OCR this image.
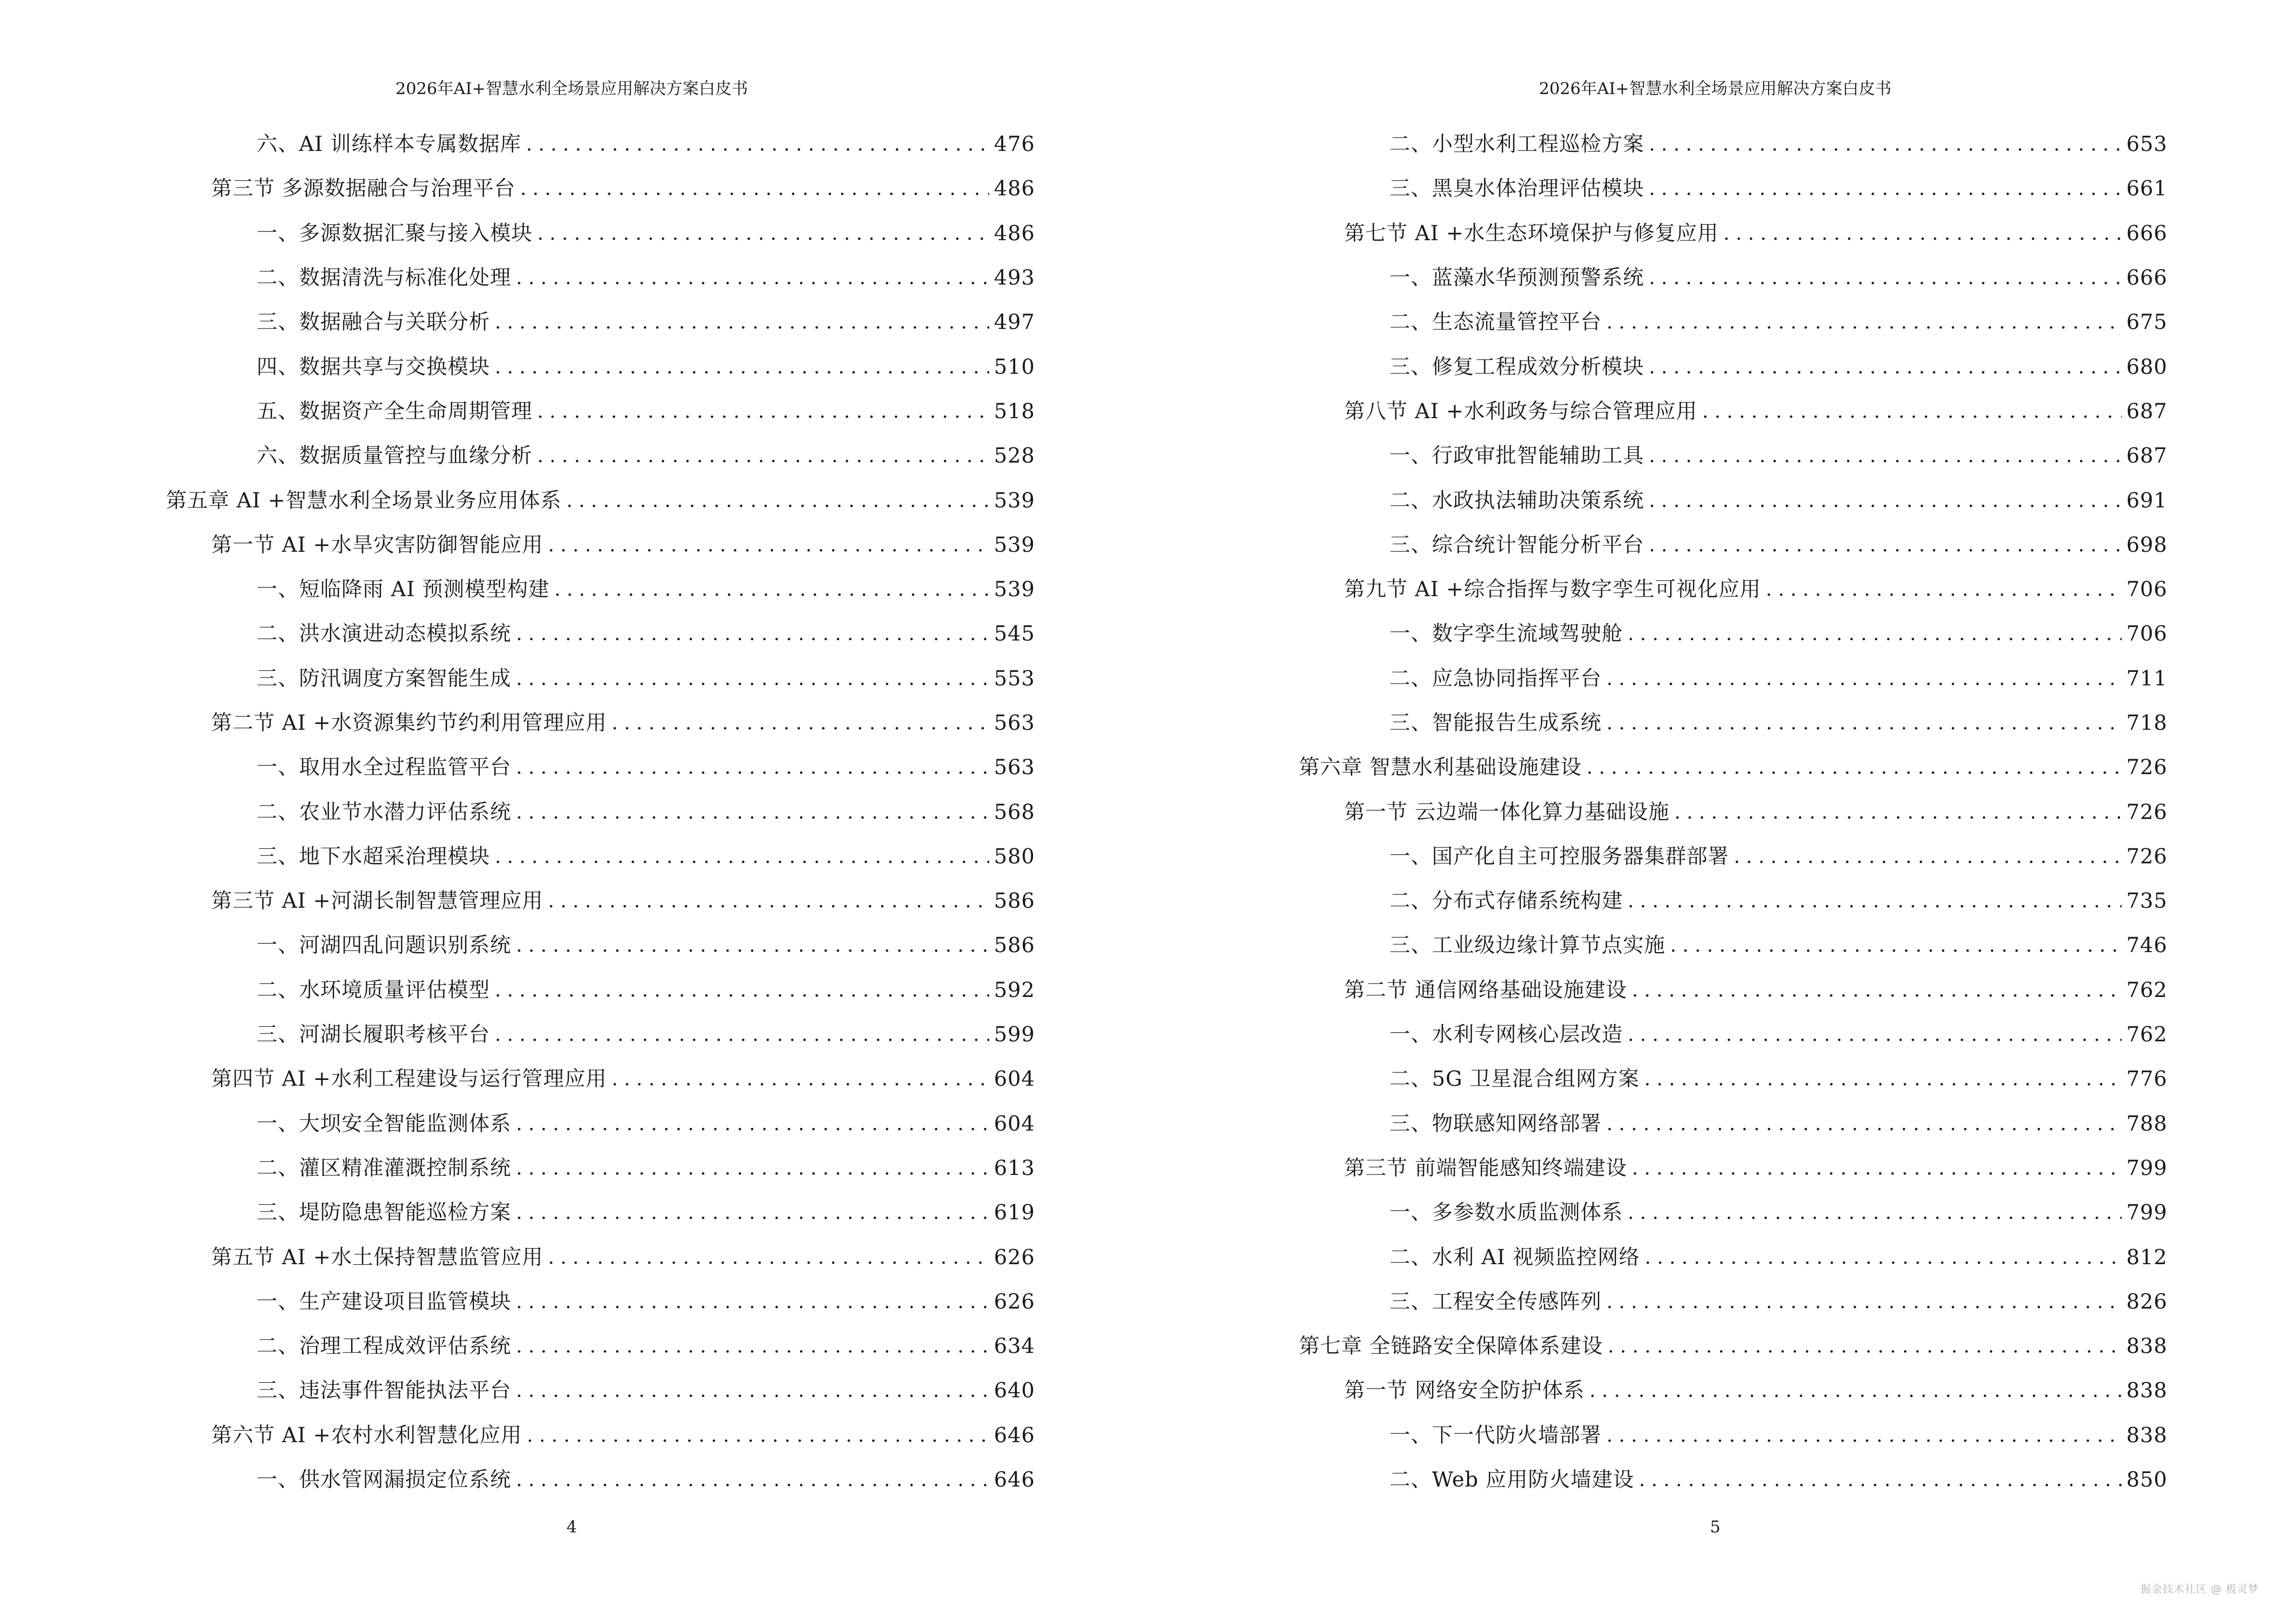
2026年AI+智慧水利全场景应用解决方案白皮书
六、AI 训练样本专属数据库 . . .	476
第三节 多源数据融合与治理平台 . . .	486
一、多源数据汇聚与接入模块 . . .	486
二、数据清洗与标准化处理 . . .	493
三、数据融合与关联分析 . . .	497
四、数据共享与交换模块 . . .	510
五、数据资产全生命周期管理 . . .	518
六、数据质量管控与血缘分析 . . .	528
第五章 AI +智慧水利全场景业务应用体系 . . .	539
第一节 AI +水旱灾害防御智能应用 . . .	539
一、短临降雨 AI 预测模型构建 . . .	539
二、洪水演进动态模拟系统 . . .	545
三、防汛调度方案智能生成 . . .	553
第二节 AI +水资源集约节约利用管理应用 . . .	563
一、取用水全过程监管平台 . . .	563
二、农业节水潜力评估系统 . . .	568
三、地下水超采治理模块 . . .	580
第三节 AI +河湖长制智慧管理应用 . . .	586
一、河湖四乱问题识别系统 . . .	586
二、水环境质量评估模型 . . .	592
三、河湖长履职考核平台 . . .	599
第四节 AI +水利工程建设与运行管理应用 . . .	604
一、大坝安全智能监测体系 . . .	604
二、灌区精准灌溉控制系统 . . .	613
三、堤防隐患智能巡检方案 . . .	619
第五节 AI +水土保持智慧监管应用 . . .	626
一、生产建设项目监管模块 . . .	626
二、治理工程成效评估系统 . . .	634
三、违法事件智能执法平台 . . .	640
第六节 AI +农村水利智慧化应用 . . .	646
一、供水管网漏损定位系统 . . .	646
4
2026年AI+智慧水利全场景应用解决方案白皮书
二、小型水利工程巡检方案 . . .	653
三、黑臭水体治理评估模块 . . .	661
第七节 AI +水生态环境保护与修复应用 . . .	666
一、蓝藻水华预测预警系统 . . .	666
二、生态流量管控平台 . . .	675
三、修复工程成效分析模块 . . .	680
第八节 AI +水利政务与综合管理应用 . . .	687
一、行政审批智能辅助工具 . . .	687
二、水政执法辅助决策系统 . . .	691
三、综合统计智能分析平台 . . .	698
第九节 AI +综合指挥与数字孪生可视化应用 . . .	706
一、数字孪生流域驾驶舱 . . .	706
二、应急协同指挥平台 . . .	711
三、智能报告生成系统 . . .	718
第六章 智慧水利基础设施建设 . . .	726
第一节 云边端一体化算力基础设施 . . .	726
一、国产化自主可控服务器集群部署 . . .	726
二、分布式存储系统构建 . . .	735
三、工业级边缘计算节点实施 . . .	746
第二节 通信网络基础设施建设 . . .	762
一、水利专网核心层改造 . . .	762
二、5G 卫星混合组网方案 . . .	776
三、物联感知网络部署 . . .	788
第三节 前端智能感知终端建设 . . .	799
一、多参数水质监测体系 . . .	799
二、水利 AI 视频监控网络 . . .	812
三、工程安全传感阵列 . . .	826
第七章 全链路安全保障体系建设 . . .	838
第一节 网络安全防护体系 . . .	838
一、下一代防火墙部署 . . .	838
二、Web 应用防火墙建设 . . .	850
5
掘金技术社区 @ 极灵梦
